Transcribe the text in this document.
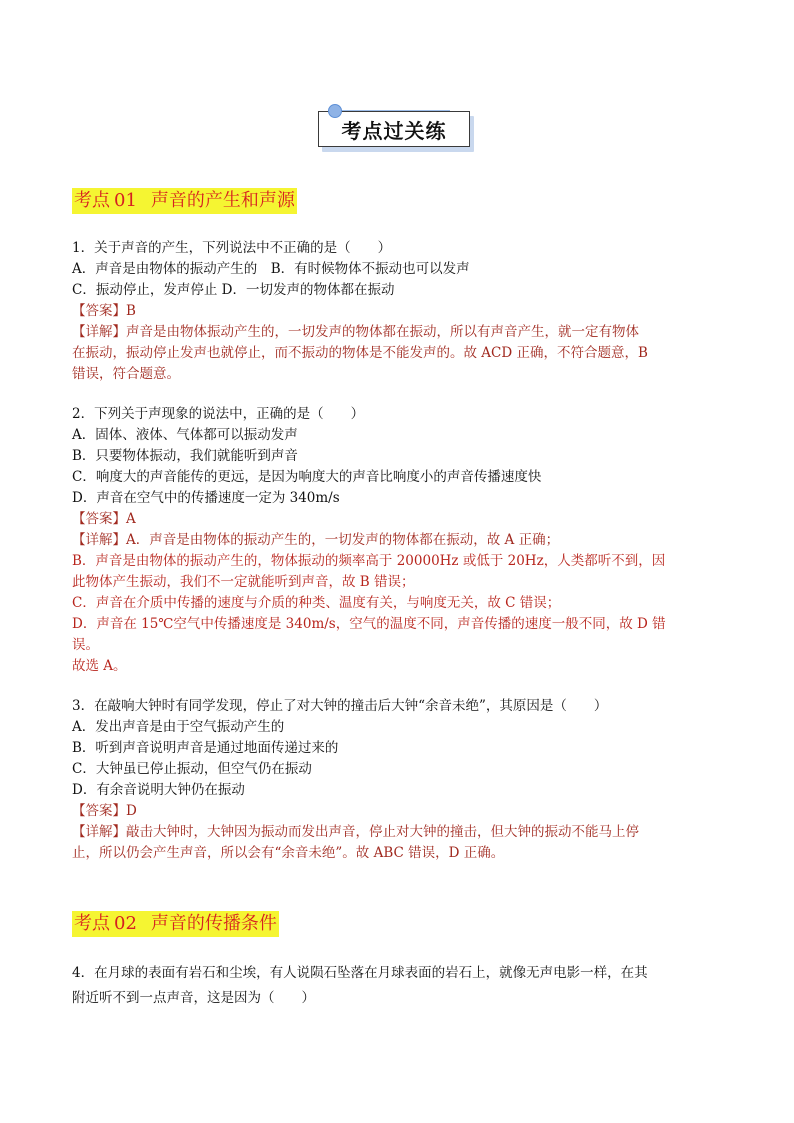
考点过关练
考点 01 声音的产生和声源
1．关于声音的产生，下列说法中不正确的是（　　）
A．声音是由物体的振动产生的　B．有时候物体不振动也可以发声
C．振动停止，发声停止 D．一切发声的物体都在振动
【答案】B
【详解】声音是由物体振动产生的，一切发声的物体都在振动，所以有声音产生，就一定有物体
在振动，振动停止发声也就停止，而不振动的物体是不能发声的。故 ACD 正确，不符合题意，B
错误，符合题意。
2．下列关于声现象的说法中，正确的是（　　）
A．固体、液体、气体都可以振动发声
B．只要物体振动，我们就能听到声音
C．响度大的声音能传的更远，是因为响度大的声音比响度小的声音传播速度快
D．声音在空气中的传播速度一定为 340m/s
【答案】A
【详解】A．声音是由物体的振动产生的，一切发声的物体都在振动，故 A 正确；
B．声音是由物体的振动产生的，物体振动的频率高于 20000Hz 或低于 20Hz，人类都听不到，因
此物体产生振动，我们不一定就能听到声音，故 B 错误；
C．声音在介质中传播的速度与介质的种类、温度有关，与响度无关，故 C 错误；
D．声音在 15℃空气中传播速度是 340m/s，空气的温度不同，声音传播的速度一般不同，故 D 错
误。
故选 A。
3．在敲响大钟时有同学发现，停止了对大钟的撞击后大钟“余音未绝”，其原因是（　　）
A．发出声音是由于空气振动产生的
B．听到声音说明声音是通过地面传递过来的
C．大钟虽已停止振动，但空气仍在振动
D．有余音说明大钟仍在振动
【答案】D
【详解】敲击大钟时，大钟因为振动而发出声音，停止对大钟的撞击，但大钟的振动不能马上停
止，所以仍会产生声音，所以会有“余音未绝”。故 ABC 错误，D 正确。
考点 02 声音的传播条件
4．在月球的表面有岩石和尘埃，有人说陨石坠落在月球表面的岩石上，就像无声电影一样，在其
附近听不到一点声音，这是因为（　　）
